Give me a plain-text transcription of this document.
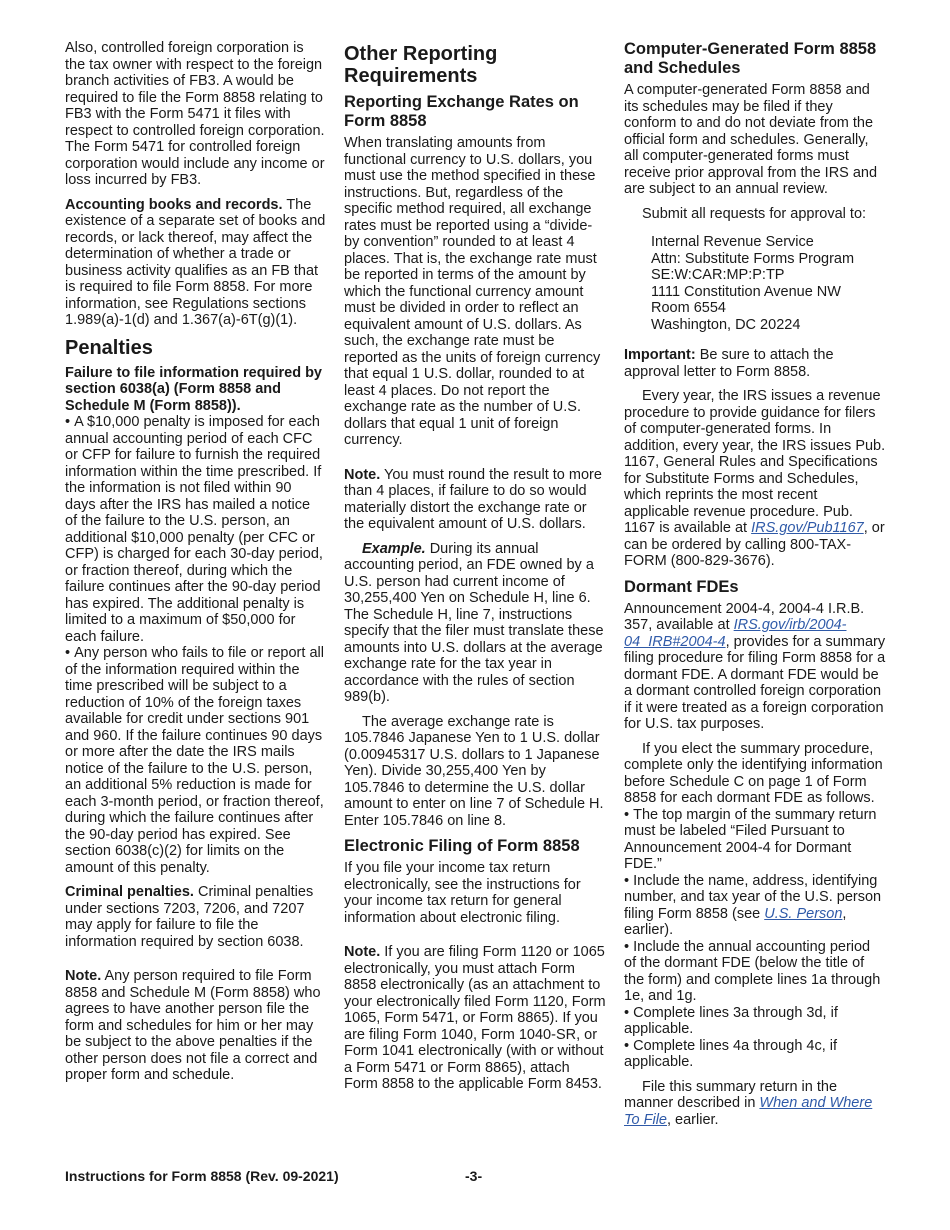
Also, controlled foreign corporation is the tax owner with respect to the foreign branch activities of FB3. A would be required to file the Form 8858 relating to FB3 with the Form 5471 it files with respect to controlled foreign corporation. The Form 5471 for controlled foreign corporation would include any income or loss incurred by FB3.

Accounting books and records. The existence of a separate set of books and records, or lack thereof, may affect the determination of whether a trade or business activity qualifies as an FB that is required to file Form 8858. For more information, see Regulations sections 1.989(a)-1(d) and 1.367(a)-6T(g)(1).

Penalties

Failure to file information required by section 6038(a) (Form 8858 and Schedule M (Form 8858)).

• A $10,000 penalty is imposed for each annual accounting period of each CFC or CFP for failure to furnish the required information within the time prescribed. If the information is not filed within 90 days after the IRS has mailed a notice of the failure to the U.S. person, an additional $10,000 penalty (per CFC or CFP) is charged for each 30-day period, or fraction thereof, during which the failure continues after the 90-day period has expired. The additional penalty is limited to a maximum of $50,000 for each failure.

• Any person who fails to file or report all of the information required within the time prescribed will be subject to a reduction of 10% of the foreign taxes available for credit under sections 901 and 960. If the failure continues 90 days or more after the date the IRS mails notice of the failure to the U.S. person, an additional 5% reduction is made for each 3-month period, or fraction thereof, during which the failure continues after the 90-day period has expired. See section 6038(c)(2) for limits on the amount of this penalty.

Criminal penalties. Criminal penalties under sections 7203, 7206, and 7207 may apply for failure to file the information required by section 6038.

Note. Any person required to file Form 8858 and Schedule M (Form 8858) who agrees to have another person file the form and schedules for him or her may be subject to the above penalties if the other person does not file a correct and proper form and schedule.

Other Reporting Requirements
Reporting Exchange Rates on Form 8858

When translating amounts from functional currency to U.S. dollars, you must use the method specified in these instructions. But, regardless of the specific method required, all exchange rates must be reported using a “divide-by convention” rounded to at least 4 places. That is, the exchange rate must be reported in terms of the amount by which the functional currency amount must be divided in order to reflect an equivalent amount of U.S. dollars. As such, the exchange rate must be reported as the units of foreign currency that equal 1 U.S. dollar, rounded to at least 4 places. Do not report the exchange rate as the number of U.S. dollars that equal 1 unit of foreign currency.

Note. You must round the result to more than 4 places, if failure to do so would materially distort the exchange rate or the equivalent amount of U.S. dollars.

Example. During its annual accounting period, an FDE owned by a U.S. person had current income of 30,255,400 Yen on Schedule H, line 6. The Schedule H, line 7, instructions specify that the filer must translate these amounts into U.S. dollars at the average exchange rate for the tax year in accordance with the rules of section 989(b).

The average exchange rate is 105.7846 Japanese Yen to 1 U.S. dollar (0.00945317 U.S. dollars to 1 Japanese Yen). Divide 30,255,400 Yen by 105.7846 to determine the U.S. dollar amount to enter on line 7 of Schedule H. Enter 105.7846 on line 8.

Electronic Filing of Form 8858

If you file your income tax return electronically, see the instructions for your income tax return for general information about electronic filing.

Note. If you are filing Form 1120 or 1065 electronically, you must attach Form 8858 electronically (as an attachment to your electronically filed Form 1120, Form 1065, Form 5471, or Form 8865). If you are filing Form 1040, Form 1040-SR, or Form 1041 electronically (with or without a Form 5471 or Form 8865), attach Form 8858 to the applicable Form 8453.

Computer-Generated Form 8858 and Schedules

A computer-generated Form 8858 and its schedules may be filed if they conform to and do not deviate from the official form and schedules. Generally, all computer-generated forms must receive prior approval from the IRS and are subject to an annual review.

Submit all requests for approval to:

Internal Revenue Service
Attn: Substitute Forms Program
SE:W:CAR:MP:P:TP
1111 Constitution Avenue NW
Room 6554
Washington, DC 20224

Important: Be sure to attach the approval letter to Form 8858.

Every year, the IRS issues a revenue procedure to provide guidance for filers of computer-generated forms. In addition, every year, the IRS issues Pub. 1167, General Rules and Specifications for Substitute Forms and Schedules, which reprints the most recent applicable revenue procedure. Pub. 1167 is available at IRS.gov/Pub1167, or can be ordered by calling 800-TAX-FORM (800-829-3676).

Dormant FDEs

Announcement 2004-4, 2004-4 I.R.B. 357, available at IRS.gov/irb/2004-04_IRB#2004-4, provides for a summary filing procedure for filing Form 8858 for a dormant FDE. A dormant FDE would be a dormant controlled foreign corporation if it were treated as a foreign corporation for U.S. tax purposes.

If you elect the summary procedure, complete only the identifying information before Schedule C on page 1 of Form 8858 for each dormant FDE as follows.

• The top margin of the summary return must be labeled “Filed Pursuant to Announcement 2004-4 for Dormant FDE.”

• Include the name, address, identifying number, and tax year of the U.S. person filing Form 8858 (see U.S. Person, earlier).

• Include the annual accounting period of the dormant FDE (below the title of the form) and complete lines 1a through 1e, and 1g.

• Complete lines 3a through 3d, if applicable.

• Complete lines 4a through 4c, if applicable.

File this summary return in the manner described in When and Where To File, earlier.

Instructions for Form 8858 (Rev. 09-2021)	-3-
